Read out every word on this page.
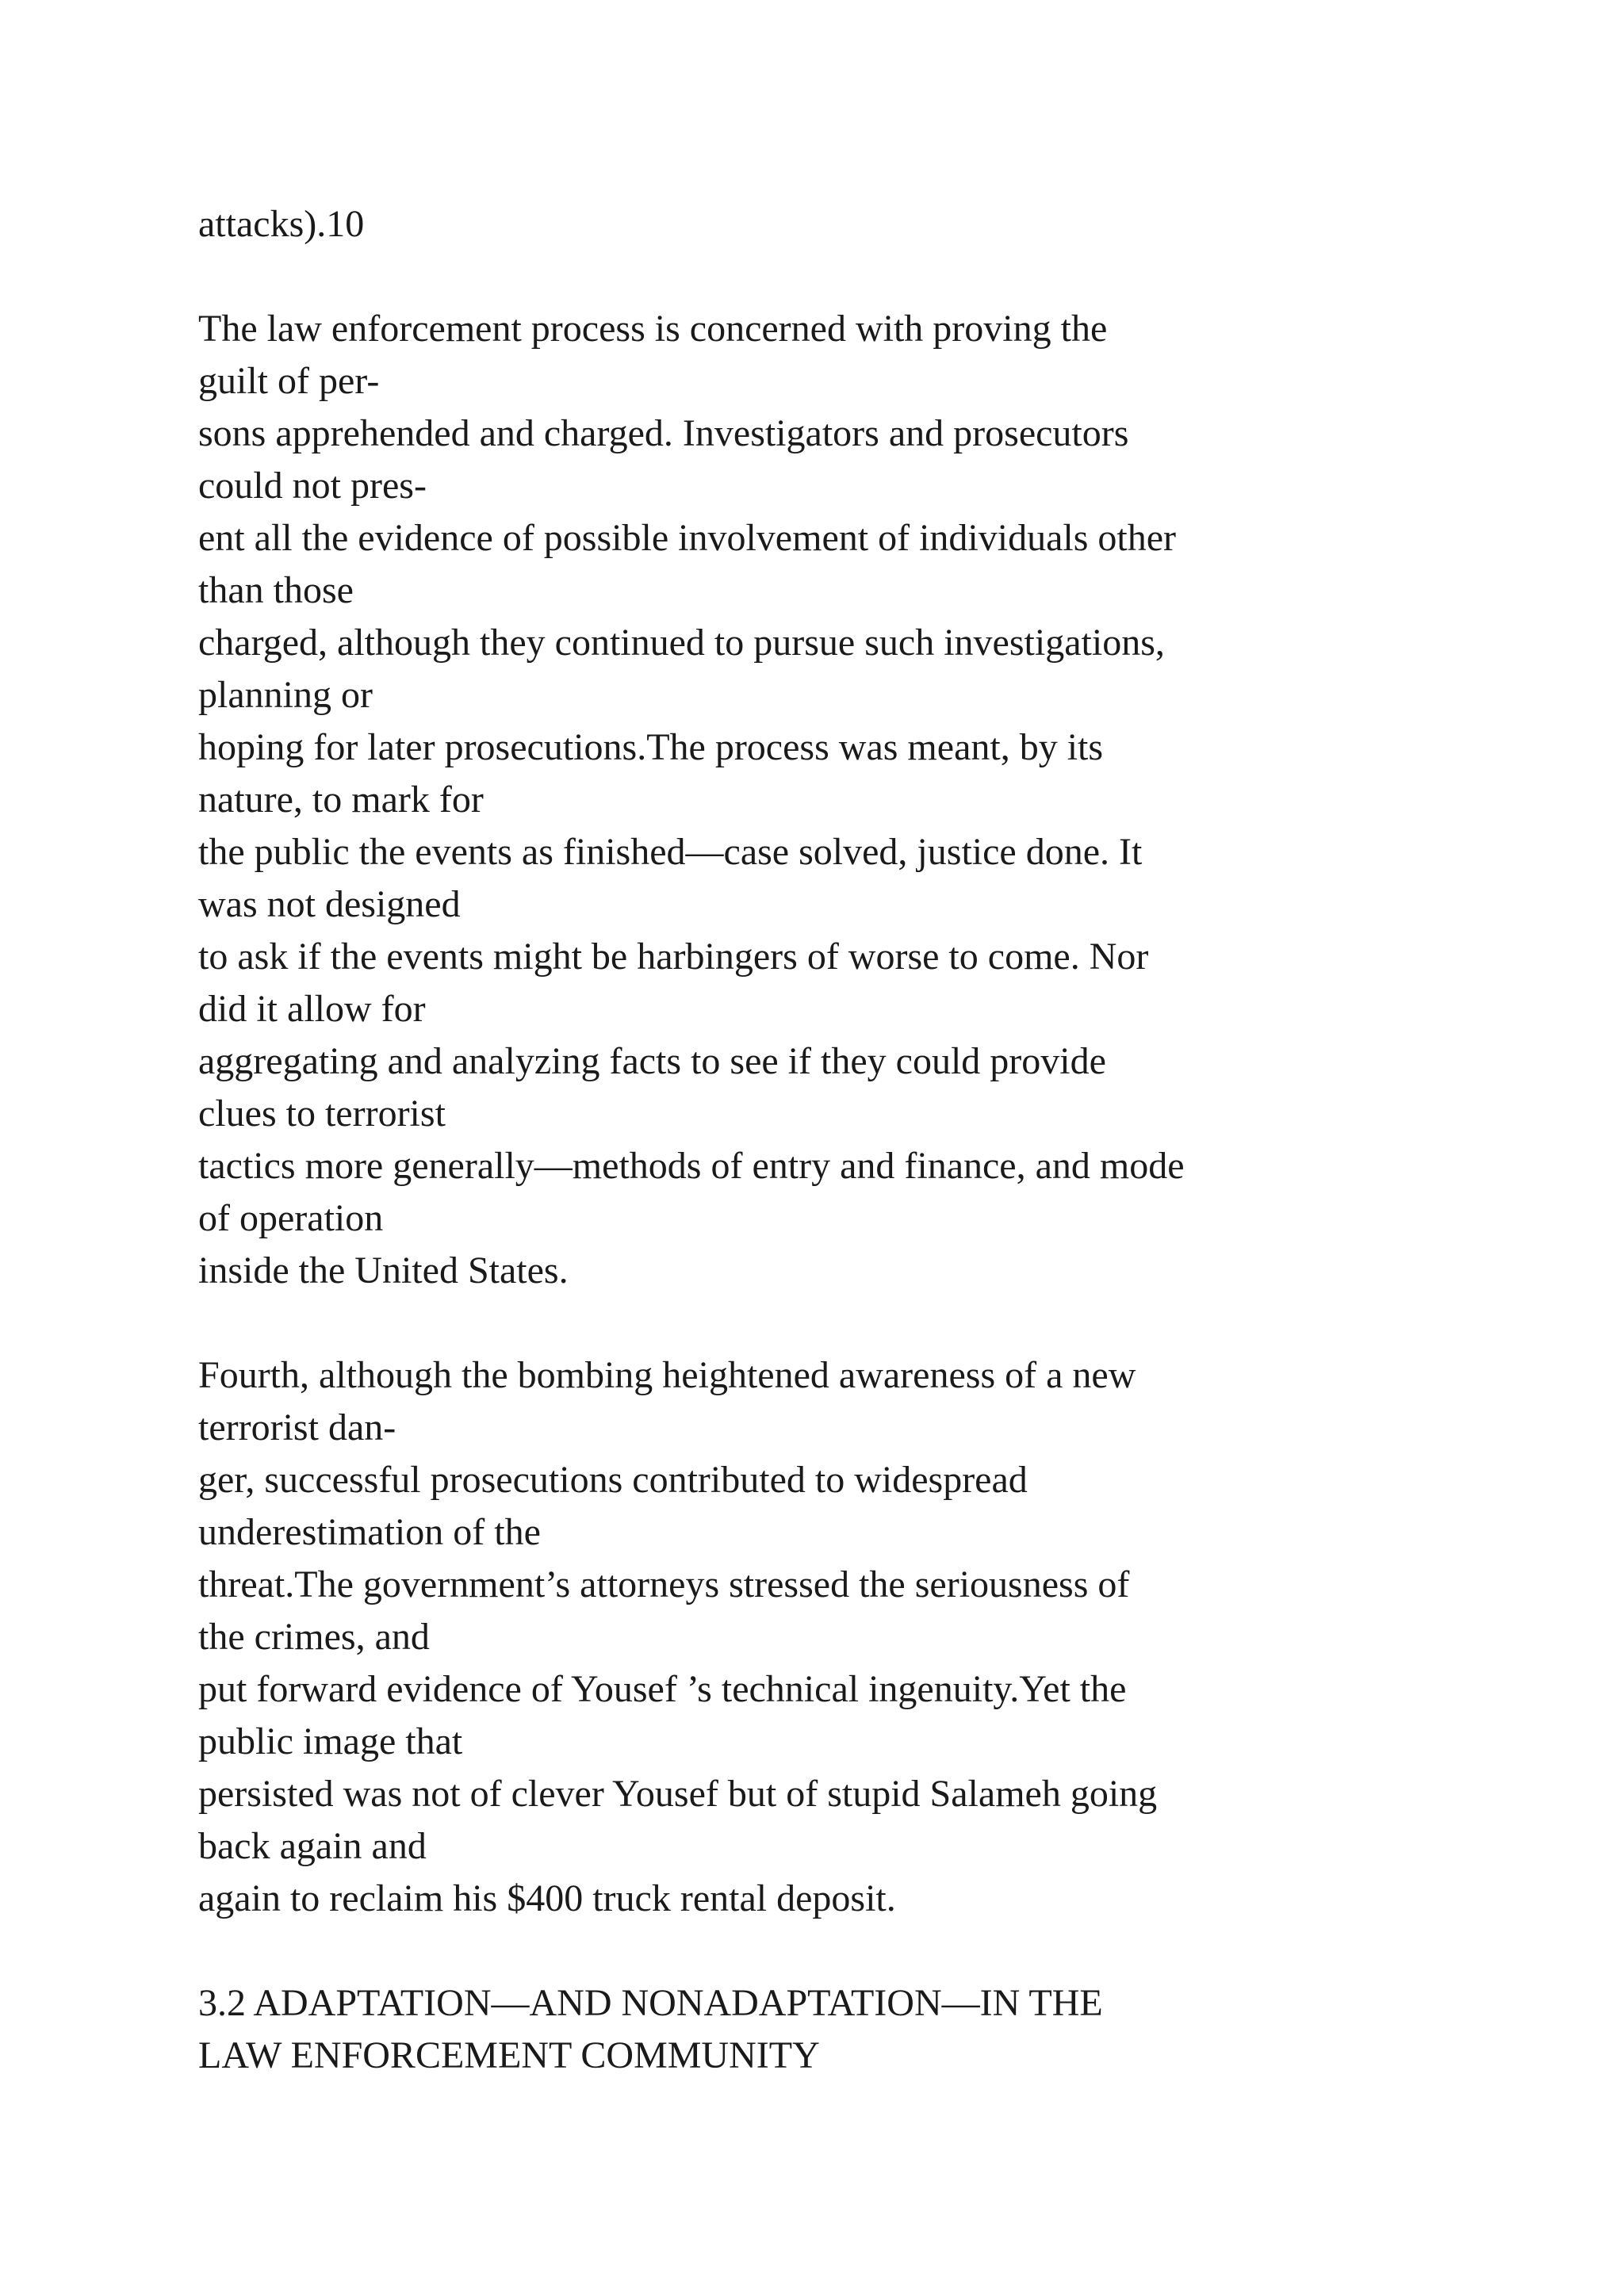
attacks).10
The law enforcement process is concerned with proving the
guilt of per-
sons apprehended and charged. Investigators and prosecutors
could not pres-
ent all the evidence of possible involvement of individuals other
than those
charged, although they continued to pursue such investigations,
planning or
hoping for later prosecutions.The process was meant, by its
nature, to mark for
the public the events as finished—case solved, justice done. It
was not designed
to ask if the events might be harbingers of worse to come. Nor
did it allow for
aggregating and analyzing facts to see if they could provide
clues to terrorist
tactics more generally—methods of entry and finance, and mode
of operation
inside the United States.
Fourth, although the bombing heightened awareness of a new
terrorist dan-
ger, successful prosecutions contributed to widespread
underestimation of the
threat.The government’s attorneys stressed the seriousness of
the crimes, and
put forward evidence of Yousef ’s technical ingenuity.Yet the
public image that
persisted was not of clever Yousef but of stupid Salameh going
back again and
again to reclaim his $400 truck rental deposit.
3.2 ADAPTATION—AND NONADAPTATION—IN THE
LAW ENFORCEMENT COMMUNITY
